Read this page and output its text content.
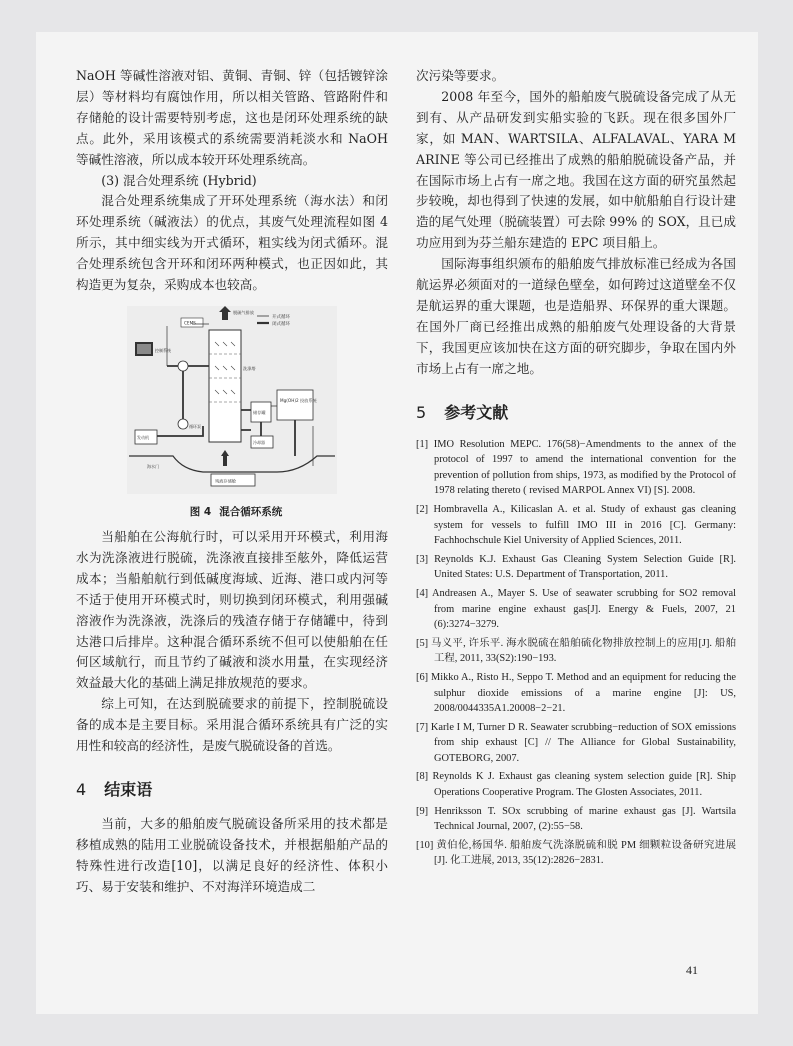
NaOH 等碱性溶液对铝、黄铜、青铜、锌（包括镀锌涂层）等材料均有腐蚀作用，所以相关管路、管路附件和存储舱的设计需要特别考虑，这也是闭环处理系统的缺点。此外，采用该模式的系统需要消耗淡水和 NaOH 等碱性溶液，所以成本较开环处理系统高。

(3) 混合处理系统 (Hybrid)

混合处理系统集成了开环处理系统（海水法）和闭环处理系统（碱液法）的优点，其废气处理流程如图 4 所示，其中细实线为开式循环，粗实线为闭式循环。混合处理系统包含开环和闭环两种模式，也正因如此，其构造更为复杂，采购成本也较高。

开式循环
闭式循环
脱硫气排放
CEMS
洗涤塔
Mg(OH)2 投放系统
储存罐
冷却器
控制系统
循环泵
发动机
残液存储舱
海水门
图 4 混合循环系统

当船舶在公海航行时，可以采用开环模式，利用海水为洗涤液进行脱硫，洗涤液直接排至舷外，降低运营成本；当船舶航行到低碱度海域、近海、港口或内河等不适于使用开环模式时，则切换到闭环模式，利用强碱溶液作为洗涤液，洗涤后的残渣存储于存储罐中，待到达港口后排岸。这种混合循环系统不但可以使船舶在任何区域航行，而且节约了碱液和淡水用量，在实现经济效益最大化的基础上满足排放规范的要求。

综上可知，在达到脱硫要求的前提下，控制脱硫设备的成本是主要目标。采用混合循环系统具有广泛的实用性和较高的经济性，是废气脱硫设备的首选。

4 结束语

当前，大多的船舶废气脱硫设备所采用的技术都是移植成熟的陆用工业脱硫设备技术，并根据船舶产品的特殊性进行改造[10]，以满足良好的经济性、体积小巧、易于安装和维护、不对海洋环境造成二

次污染等要求。

2008 年至今，国外的船舶废气脱硫设备完成了从无到有、从产品研发到实船实验的飞跃。现在很多国外厂家，如 MAN、WARTSILA、ALFALAVAL、YARA MARINE 等公司已经推出了成熟的船舶脱硫设备产品，并在国际市场上占有一席之地。我国在这方面的研究虽然起步较晚，却也得到了快速的发展，如中航船舶自行设计建造的尾气处理（脱硫装置）可去除 99% 的 SOX，且已成功应用到为芬兰船东建造的 EPC 项目船上。

国际海事组织颁布的船舶废气排放标准已经成为各国航运界必须面对的一道绿色壁垒，如何跨过这道壁垒不仅是航运界的重大课题，也是造船界、环保界的重大课题。在国外厂商已经推出成熟的船舶废气处理设备的大背景下，我国更应该加快在这方面的研究脚步，争取在国内外市场上占有一席之地。

5 参考文献
[1] IMO Resolution MEPC. 176(58)−Amendments to the annex of the protocol of 1997 to amend the international convention for the prevention of pollution from ships, 1973, as modified by the Protocol of 1978 relating thereto ( revised MARPOL Annex VI) [S]. 2008.
[2] Hombravella A., Kilicaslan A. et al. Study of exhaust gas cleaning system for vessels to fulfill IMO III in 2016 [C]. Germany: Fachhochschule Kiel University of Applied Sciences, 2011.
[3] Reynolds K.J. Exhaust Gas Cleaning System Selection Guide [R]. United States: U.S. Department of Transportation, 2011.
[4] Andreasen A., Mayer S. Use of seawater scrubbing for SO2 removal from marine engine exhaust gas[J]. Energy & Fuels, 2007, 21 (6):3274−3279.
[5] 马义平, 许乐平. 海水脱硫在船舶硫化物排放控制上的应用[J]. 船舶工程, 2011, 33(S2):190−193.
[6] Mikko A., Risto H., Seppo T. Method and an equipment for reducing the sulphur dioxide emissions of a marine engine [J]: US, 2008/0044335A1.20008−2−21.
[7] Karle I M, Turner D R. Seawater scrubbing−reduction of SOX emissions from ship exhaust [C] // The Alliance for Global Sustainability, GOTEBORG, 2007.
[8] Reynolds K J. Exhaust gas cleaning system selection guide [R]. Ship Operations Cooperative Program. The Glosten Associates, 2011.
[9] Henriksson T. SOx scrubbing of marine exhaust gas [J]. Wartsila Technical Journal, 2007, (2):55−58.
[10] 黄伯伦,杨国华. 船舶废气洗涤脱硫和脱 PM 细颗粒设备研究进展[J]. 化工进展, 2013, 35(12):2826−2831.
41
